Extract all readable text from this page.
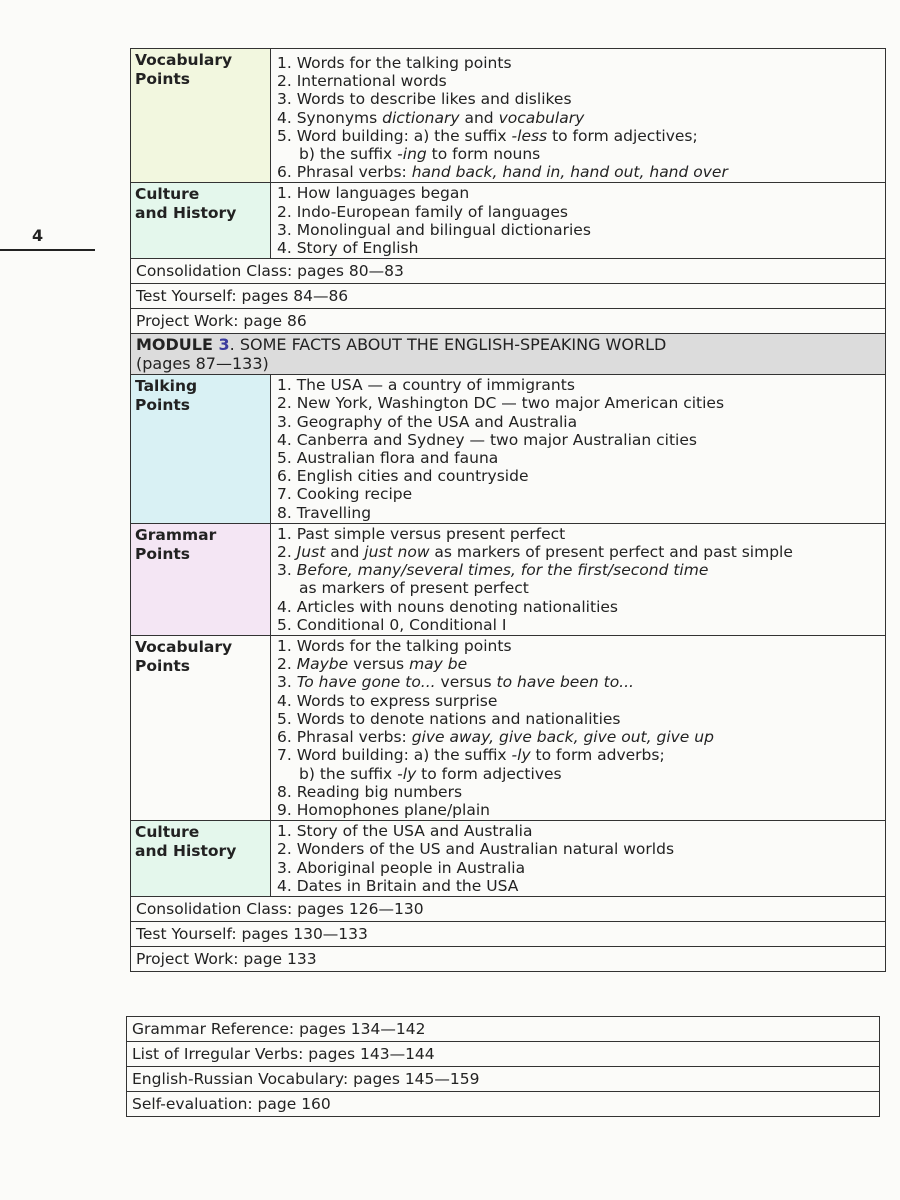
4
Vocabulary
Points
1. Words for the talking points
2. International words
3. Words to describe likes and dislikes
4. Synonyms dictionary and vocabulary
5. Word building: a) the suffix -less to form adjectives;
b) the suffix -ing to form nouns
6. Phrasal verbs: hand back, hand in, hand out, hand over
Culture
and History
1. How languages began
2. Indo-European family of languages
3. Monolingual and bilingual dictionaries
4. Story of English
Consolidation Class: pages 80—83
Test Yourself: pages 84—86
Project Work: page 86
MODULE 3. SOME FACTS ABOUT THE ENGLISH-SPEAKING WORLD
(pages 87—133)
Talking
Points
1. The USA — a country of immigrants
2. New York, Washington DC — two major American cities
3. Geography of the USA and Australia
4. Canberra and Sydney — two major Australian cities
5. Australian flora and fauna
6. English cities and countryside
7. Cooking recipe
8. Travelling
Grammar
Points
1. Past simple versus present perfect
2. Just and just now as markers of present perfect and past simple
3. Before, many/several times, for the first/second time
as markers of present perfect
4. Articles with nouns denoting nationalities
5. Conditional 0, Conditional I
Vocabulary
Points
1. Words for the talking points
2. Maybe versus may be
3. To have gone to... versus to have been to...
4. Words to express surprise
5. Words to denote nations and nationalities
6. Phrasal verbs: give away, give back, give out, give up
7. Word building: a) the suffix -ly to form adverbs;
b) the suffix -ly to form adjectives
8. Reading big numbers
9. Homophones plane/plain
Culture
and History
1. Story of the USA and Australia
2. Wonders of the US and Australian natural worlds
3. Aboriginal people in Australia
4. Dates in Britain and the USA
Consolidation Class: pages 126—130
Test Yourself: pages 130—133
Project Work: page 133
Grammar Reference: pages 134—142
List of Irregular Verbs: pages 143—144
English-Russian Vocabulary: pages 145—159
Self-evaluation: page 160
